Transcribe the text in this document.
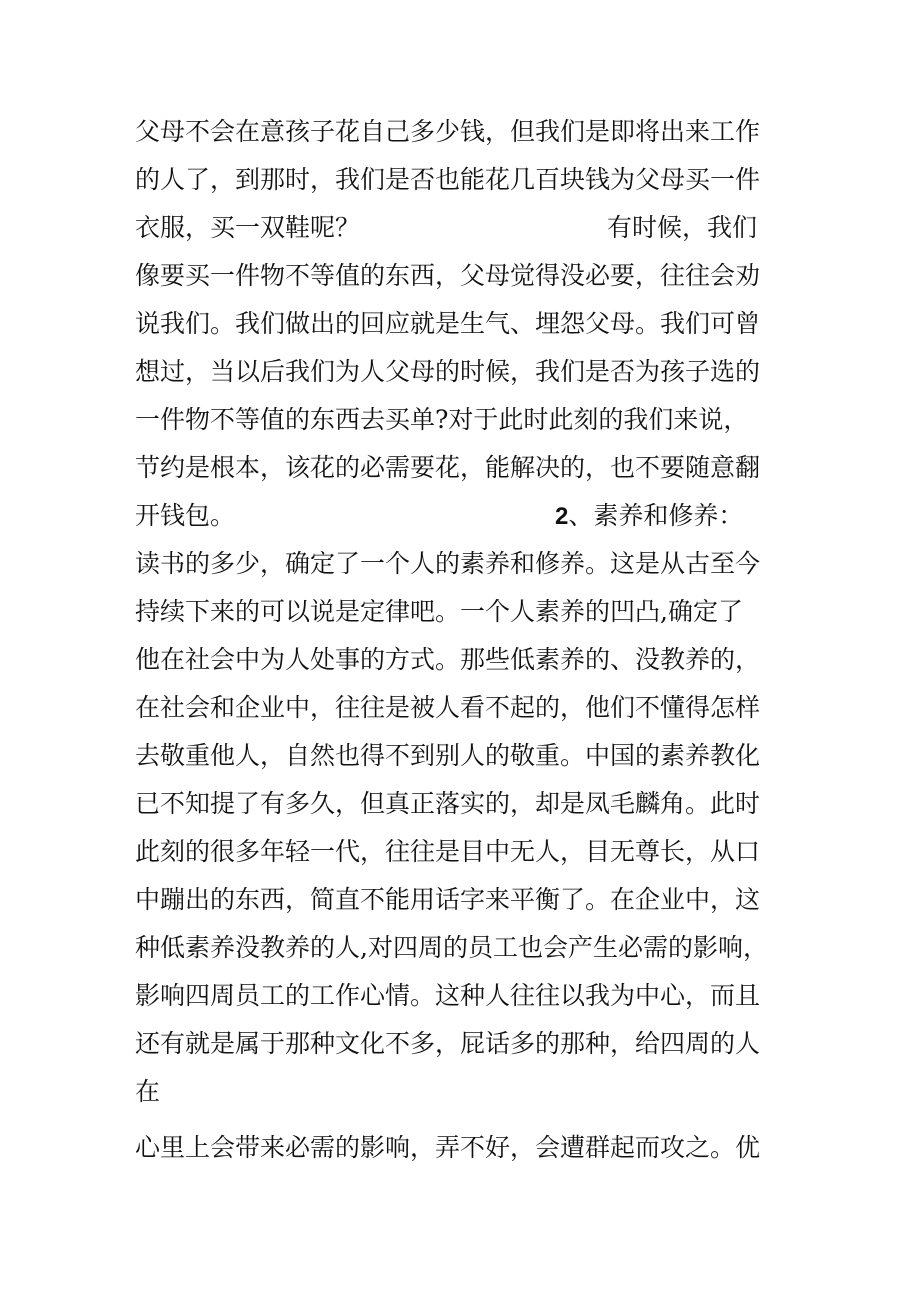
父母不会在意孩子花自己多少钱，但我们是即将出来工作
的人了，到那时，我们是否也能花几百块钱为父母买一件
衣服，买一双鞋呢？	有时候，我们
像要买一件物不等值的东西，父母觉得没必要，往往会劝
说我们。我们做出的回应就是生气、埋怨父母。我们可曾
想过，当以后我们为人父母的时候，我们是否为孩子选的
一件物不等值的东西去买单?对于此时此刻的我们来说，
节约是根本，该花的必需要花，能解决的，也不要随意翻
开钱包。	2、素养和修养：
读书的多少，确定了一个人的素养和修养。这是从古至今
持续下来的可以说是定律吧。一个人素养的凹凸,确定了
他在社会中为人处事的方式。那些低素养的、没教养的，
在社会和企业中，往往是被人看不起的，他们不懂得怎样
去敬重他人，自然也得不到别人的敬重。中国的素养教化
已不知提了有多久，但真正落实的，却是凤毛麟角。此时
此刻的很多年轻一代，往往是目中无人，目无尊长，从口
中蹦出的东西，简直不能用话字来平衡了。在企业中，这
种低素养没教养的人,对四周的员工也会产生必需的影响，
影响四周员工的工作心情。这种人往往以我为中心，而且
还有就是属于那种文化不多，屁话多的那种，给四周的人
在
心里上会带来必需的影响，弄不好，会遭群起而攻之。优
